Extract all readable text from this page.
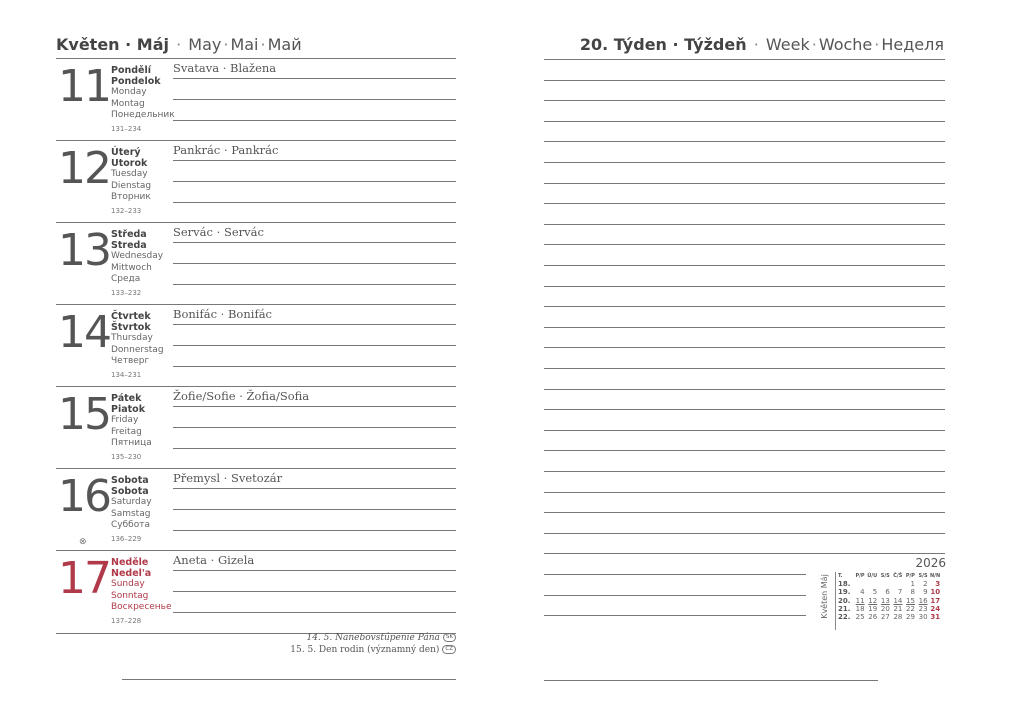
Květen · Máj · May · Mai · Май	20. Týden · Týždeň · Week · Woche · Неделя
11 Pondělí
Pondelok
Monday
Montag
Понедельник
131–234
Svatava · Blažena
12 Úterý
Utorok
Tuesday
Dienstag
Вторник
132–233
Pankrác · Pankrác
13 Středa
Streda
Wednesday
Mittwoch
Среда
133–232
Servác · Servác
14 Čtvrtek
Štvrtok
Thursday
Donnerstag
Четверг
134–231
Bonifác · Bonifác
15 Pátek
Piatok
Friday
Freitag
Пятница
135–230
Žofie/Sofie · Žofia/Sofia
16 Sobota
Sobota
Saturday
Samstag
Суббота
136–229
Přemysl · Svetozár
⊗
17 Neděle
Nedel'a
Sunday
Sonntag
Воскресенье
137–228
Aneta · Gizela
14. 5. Nanebovstúpenie Pána SK
15. 5. Den rodin (významný den) CZ
2026
Květen Máj T.	P/P	Ú/U	S/S	Č/Š	P/P	S/S	N/N
18.					1	2	3
19.	4	5	6	7	8	9	10
20.	11	12	13	14	15	16	17
21.	18	19	20	21	22	23	24
22.	25	26	27	28	29	30	31
